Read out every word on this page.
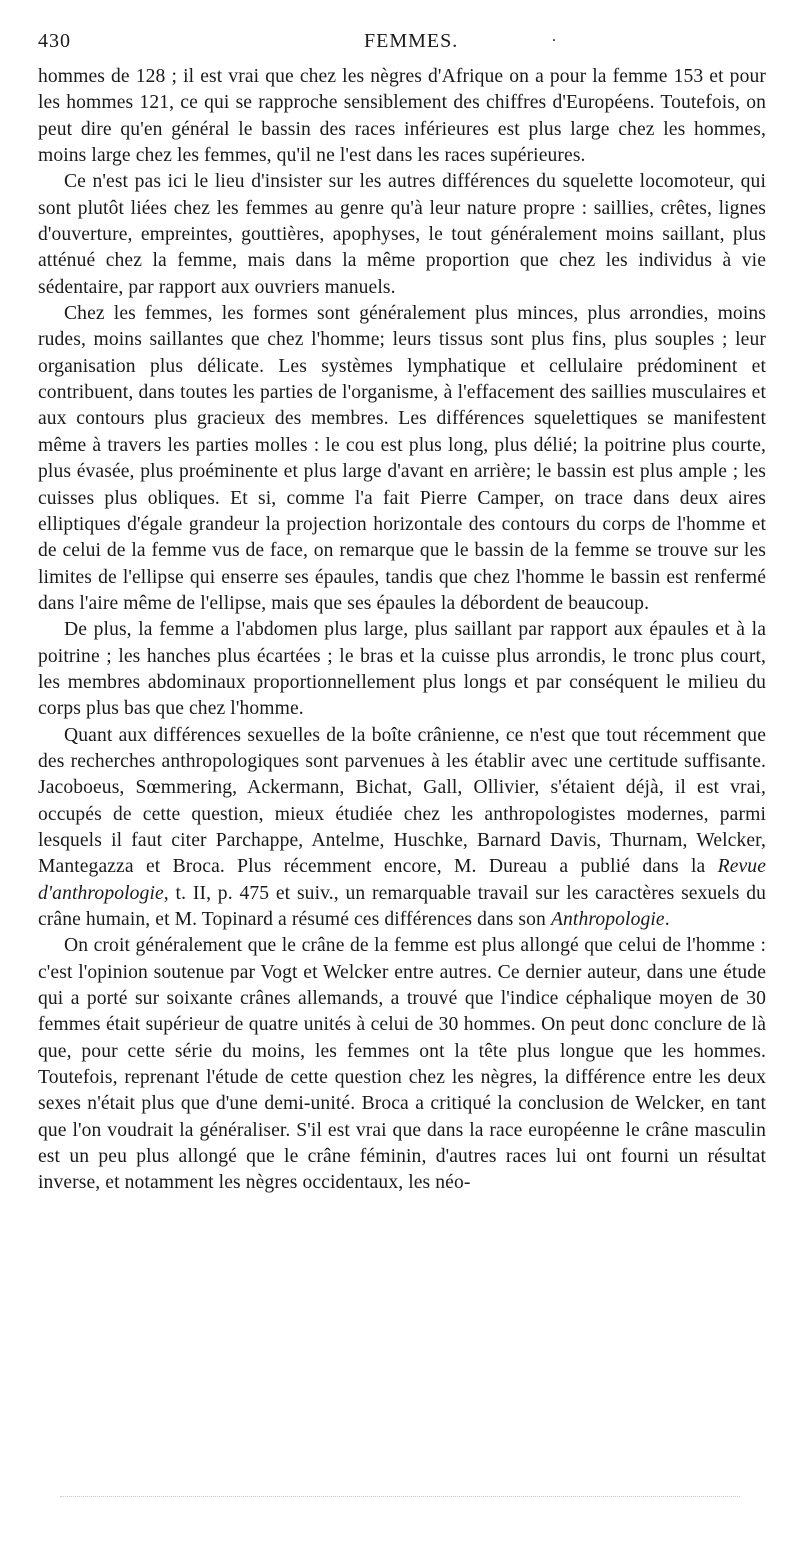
430	FEMMES.	.

hommes de 128 ; il est vrai que chez les nègres d'Afrique on a pour la femme 153 et pour les hommes 121, ce qui se rapproche sensiblement des chiffres d'Européens. Toutefois, on peut dire qu'en général le bassin des races inférieures est plus large chez les hommes, moins large chez les femmes, qu'il ne l'est dans les races supérieures.

Ce n'est pas ici le lieu d'insister sur les autres différences du squelette locomoteur, qui sont plutôt liées chez les femmes au genre qu'à leur nature propre : saillies, crêtes, lignes d'ouverture, empreintes, gouttières, apophyses, le tout généralement moins saillant, plus atténué chez la femme, mais dans la même proportion que chez les individus à vie sédentaire, par rapport aux ouvriers manuels.

Chez les femmes, les formes sont généralement plus minces, plus arrondies, moins rudes, moins saillantes que chez l'homme; leurs tissus sont plus fins, plus souples ; leur organisation plus délicate. Les systèmes lymphatique et cellulaire prédominent et contribuent, dans toutes les parties de l'organisme, à l'effacement des saillies musculaires et aux contours plus gracieux des membres. Les différences squelettiques se manifestent même à travers les parties molles : le cou est plus long, plus délié; la poitrine plus courte, plus évasée, plus proéminente et plus large d'avant en arrière; le bassin est plus ample ; les cuisses plus obliques. Et si, comme l'a fait Pierre Camper, on trace dans deux aires elliptiques d'égale grandeur la projection horizontale des contours du corps de l'homme et de celui de la femme vus de face, on remarque que le bassin de la femme se trouve sur les limites de l'ellipse qui enserre ses épaules, tandis que chez l'homme le bassin est renfermé dans l'aire même de l'ellipse, mais que ses épaules la débordent de beaucoup.

De plus, la femme a l'abdomen plus large, plus saillant par rapport aux épaules et à la poitrine ; les hanches plus écartées ; le bras et la cuisse plus arrondis, le tronc plus court, les membres abdominaux proportionnellement plus longs et par conséquent le milieu du corps plus bas que chez l'homme.

Quant aux différences sexuelles de la boîte crânienne, ce n'est que tout récemment que des recherches anthropologiques sont parvenues à les établir avec une certitude suffisante. Jacoboeus, Sœmmering, Ackermann, Bichat, Gall, Ollivier, s'étaient déjà, il est vrai, occupés de cette question, mieux étudiée chez les anthropologistes modernes, parmi lesquels il faut citer Parchappe, Antelme, Huschke, Barnard Davis, Thurnam, Welcker, Mantegazza et Broca. Plus récemment encore, M. Dureau a publié dans la Revue d'anthropologie, t. II, p. 475 et suiv., un remarquable travail sur les caractères sexuels du crâne humain, et M. Topinard a résumé ces différences dans son Anthropologie.

On croit généralement que le crâne de la femme est plus allongé que celui de l'homme : c'est l'opinion soutenue par Vogt et Welcker entre autres. Ce dernier auteur, dans une étude qui a porté sur soixante crânes allemands, a trouvé que l'indice céphalique moyen de 30 femmes était supérieur de quatre unités à celui de 30 hommes. On peut donc conclure de là que, pour cette série du moins, les femmes ont la tête plus longue que les hommes. Toutefois, reprenant l'étude de cette question chez les nègres, la différence entre les deux sexes n'était plus que d'une demi-unité. Broca a critiqué la conclusion de Welcker, en tant que l'on voudrait la généraliser. S'il est vrai que dans la race européenne le crâne masculin est un peu plus allongé que le crâne féminin, d'autres races lui ont fourni un résultat inverse, et notamment les nègres occidentaux, les néo-
